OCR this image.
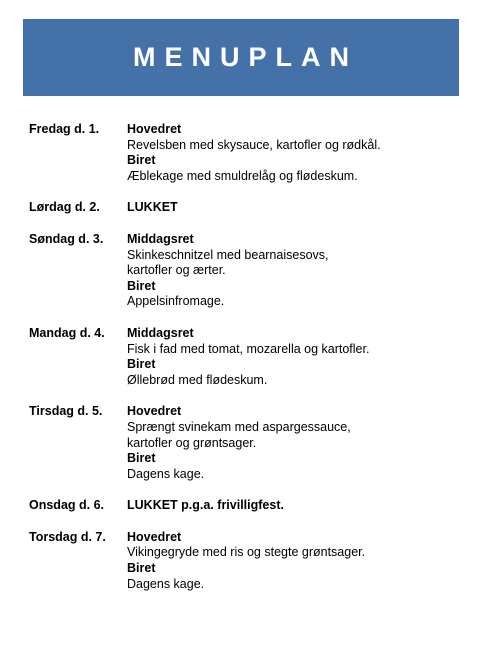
MENUPLAN
Fredag d. 1.	Hovedret
Revelsben med skysauce, kartofler og rødkål.
Biret
Æblekage med smuldrelåg og flødeskum.
Lørdag d. 2.	LUKKET
Søndag d. 3.	Middagsret
Skinkeschnitzel med bearnaisesovs,
kartofler og ærter.
Biret
Appelsinfromage.
Mandag d. 4.	Middagsret
Fisk i fad med tomat, mozarella og kartofler.
Biret
Øllebrød med flødeskum.
Tirsdag d. 5.	Hovedret
Sprængt svinekam med aspargessauce,
kartofler og grøntsager.
Biret
Dagens kage.
Onsdag d. 6.	LUKKET p.g.a. frivilligfest.
Torsdag d. 7.	Hovedret
Vikingegryde med ris og stegte grøntsager.
Biret
Dagens kage.
